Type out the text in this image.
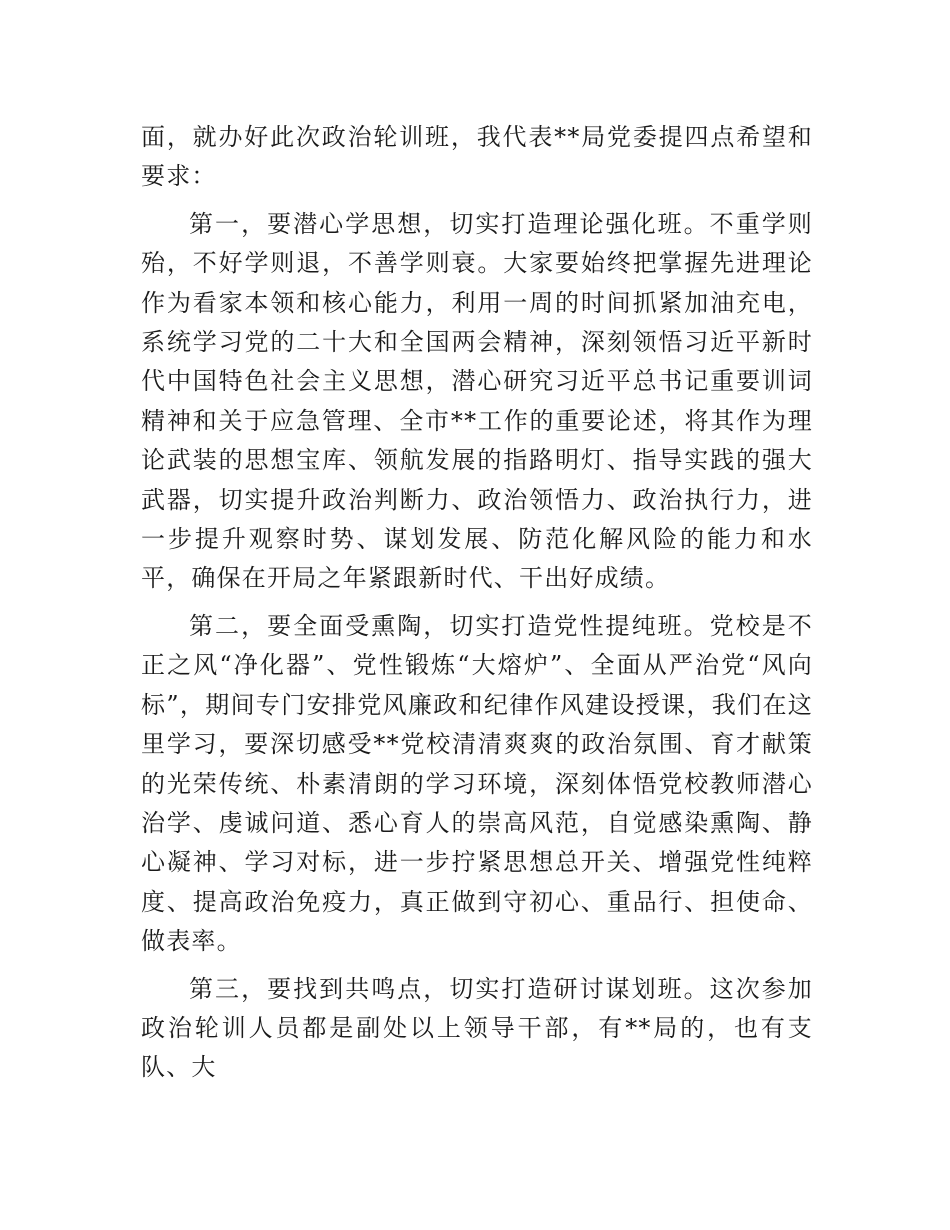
面，就办好此次政治轮训班，我代表**局党委提四点希望和要求：

第一，要潜心学思想，切实打造理论强化班。不重学则殆，不好学则退，不善学则衰。大家要始终把掌握先进理论作为看家本领和核心能力，利用一周的时间抓紧加油充电，系统学习党的二十大和全国两会精神，深刻领悟习近平新时代中国特色社会主义思想，潜心研究习近平总书记重要训词精神和关于应急管理、全市**工作的重要论述，将其作为理论武装的思想宝库、领航发展的指路明灯、指导实践的强大武器，切实提升政治判断力、政治领悟力、政治执行力，进一步提升观察时势、谋划发展、防范化解风险的能力和水平，确保在开局之年紧跟新时代、干出好成绩。

第二，要全面受熏陶，切实打造党性提纯班。党校是不正之风“净化器”、党性锻炼“大熔炉”、全面从严治党“风向标”，期间专门安排党风廉政和纪律作风建设授课，我们在这里学习，要深切感受**党校清清爽爽的政治氛围、育才献策的光荣传统、朴素清朗的学习环境，深刻体悟党校教师潜心治学、虔诚问道、悉心育人的崇高风范，自觉感染熏陶、静心凝神、学习对标，进一步拧紧思想总开关、增强党性纯粹度、提高政治免疫力，真正做到守初心、重品行、担使命、做表率。

第三，要找到共鸣点，切实打造研讨谋划班。这次参加政治轮训人员都是副处以上领导干部，有**局的，也有支队、大
